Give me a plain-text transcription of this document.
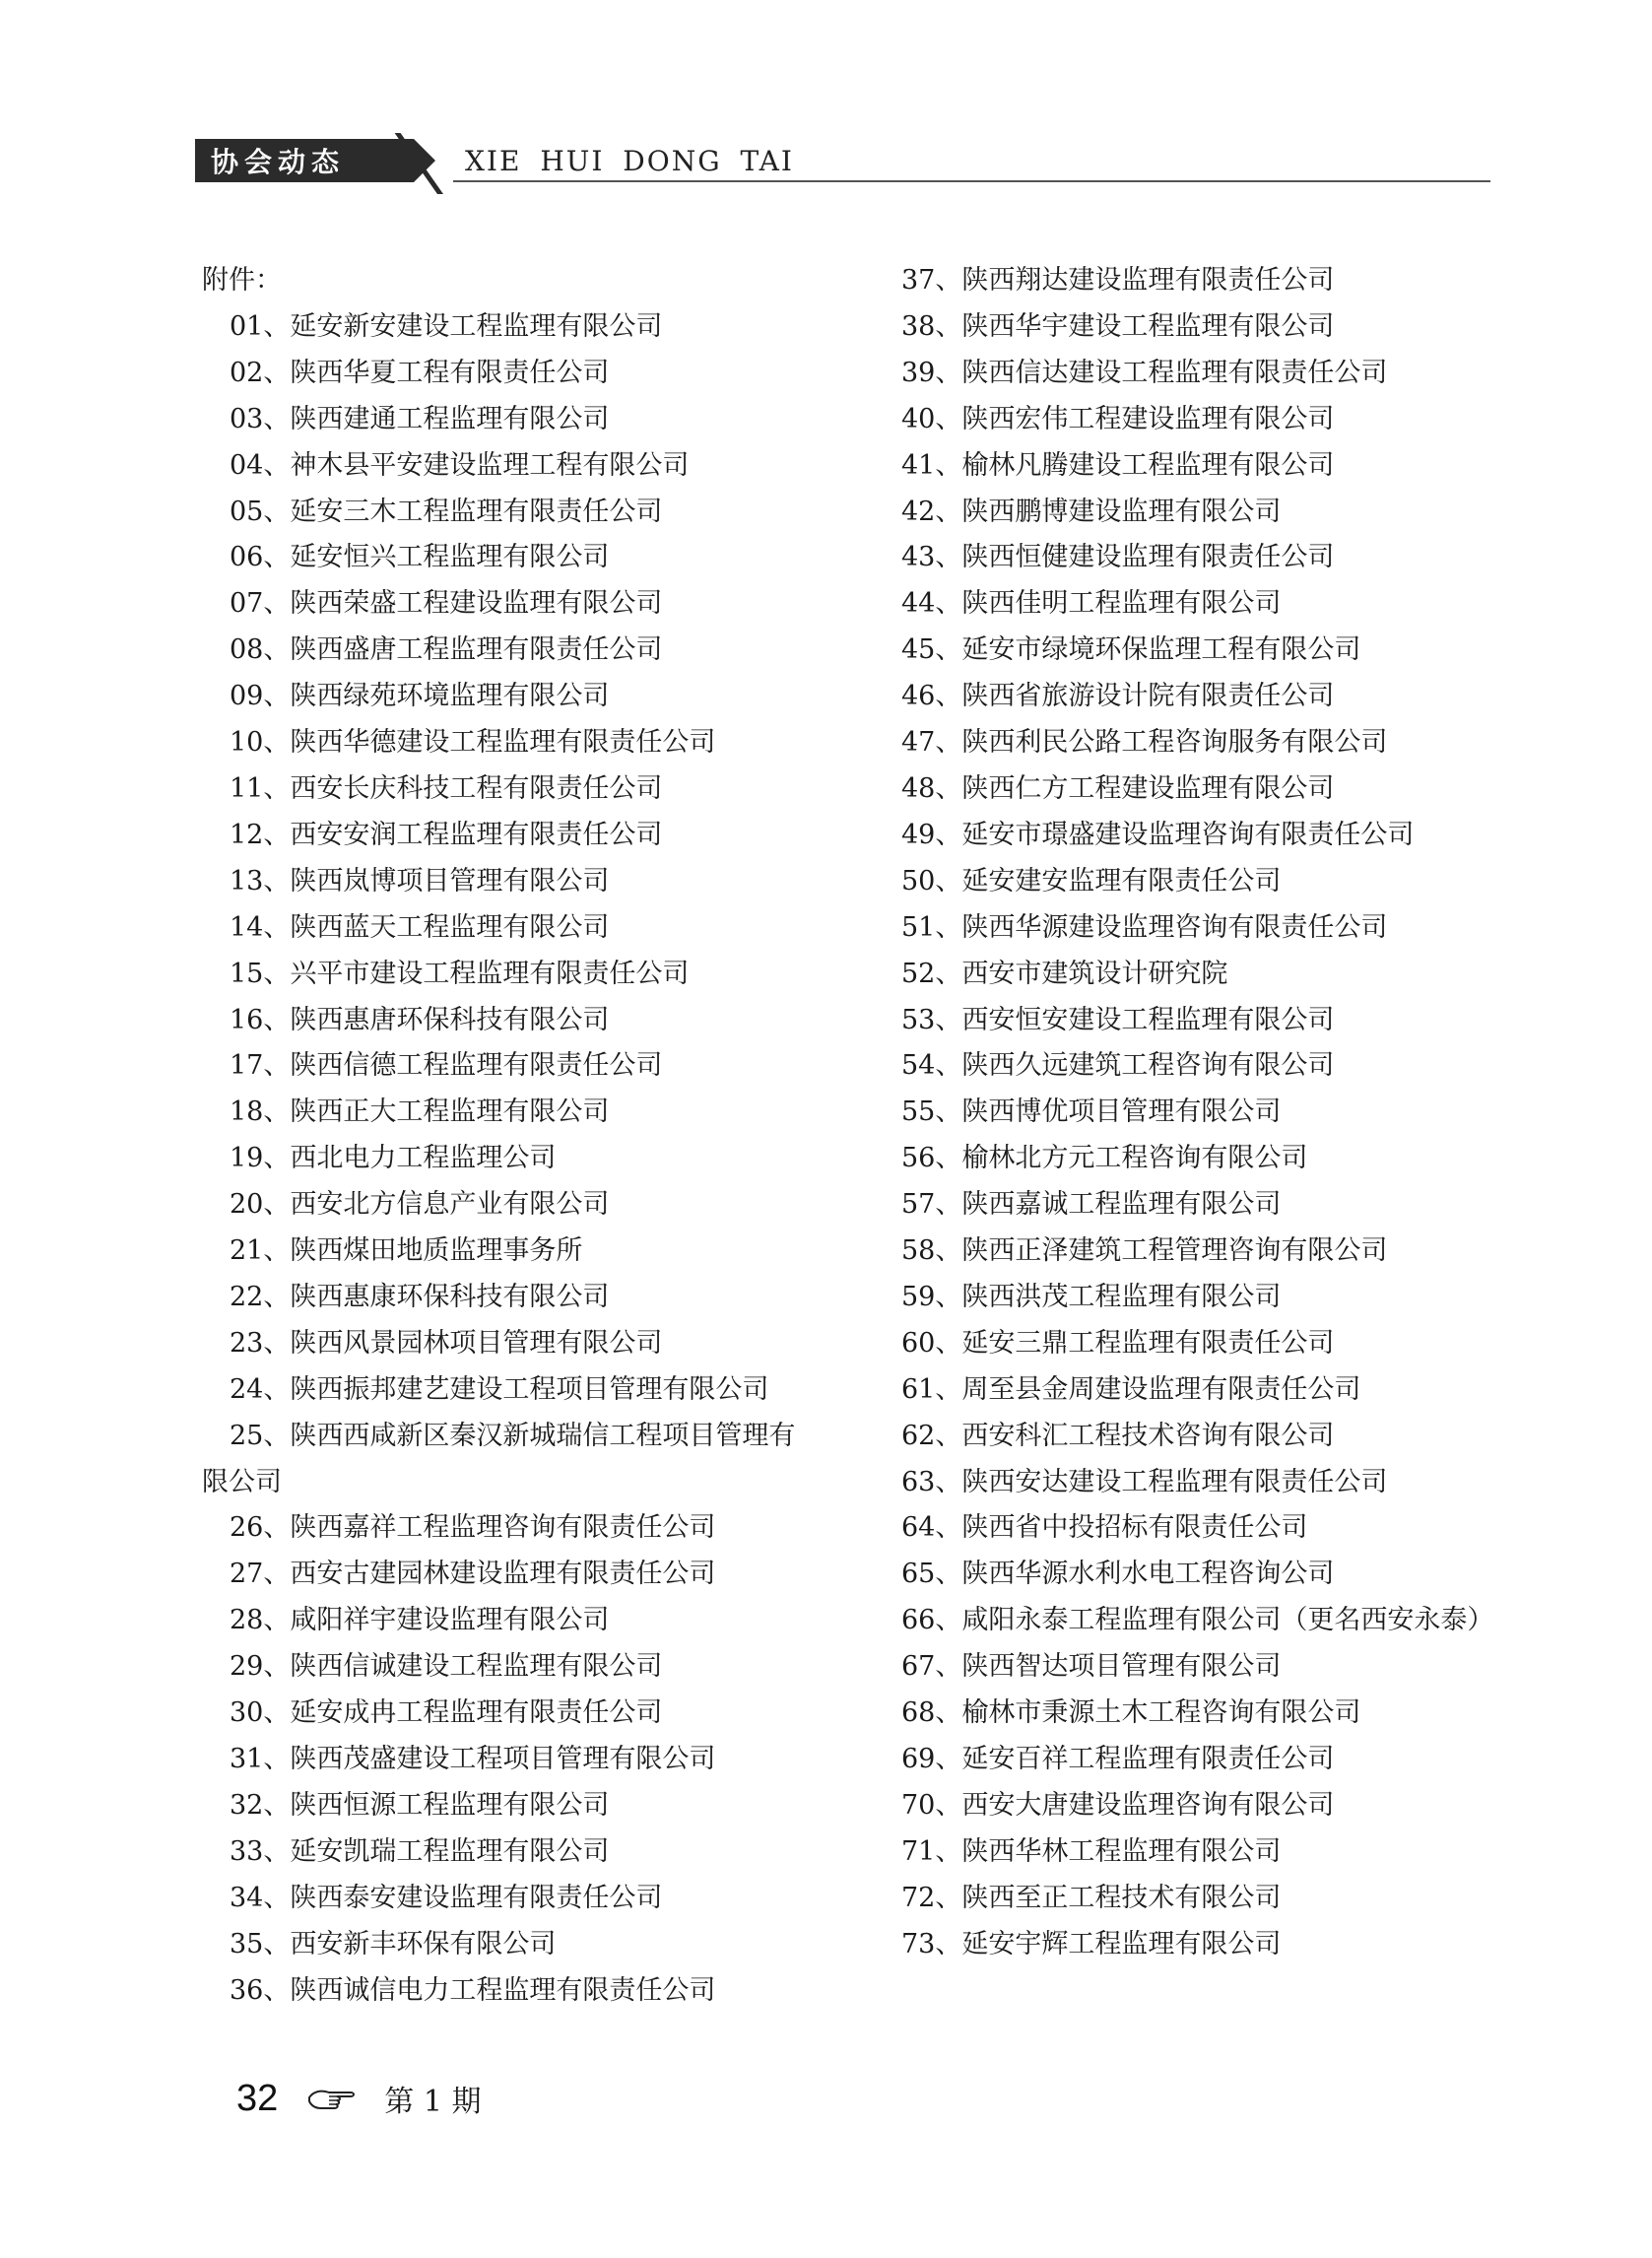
协会动态	XIE HUI DONG TAI
附件：
01、延安新安建设工程监理有限公司
02、陕西华夏工程有限责任公司
03、陕西建通工程监理有限公司
04、神木县平安建设监理工程有限公司
05、延安三木工程监理有限责任公司
06、延安恒兴工程监理有限公司
07、陕西荣盛工程建设监理有限公司
08、陕西盛唐工程监理有限责任公司
09、陕西绿苑环境监理有限公司
10、陕西华德建设工程监理有限责任公司
11、西安长庆科技工程有限责任公司
12、西安安润工程监理有限责任公司
13、陕西岚博项目管理有限公司
14、陕西蓝天工程监理有限公司
15、兴平市建设工程监理有限责任公司
16、陕西惠唐环保科技有限公司
17、陕西信德工程监理有限责任公司
18、陕西正大工程监理有限公司
19、西北电力工程监理公司
20、西安北方信息产业有限公司
21、陕西煤田地质监理事务所
22、陕西惠康环保科技有限公司
23、陕西风景园林项目管理有限公司
24、陕西振邦建艺建设工程项目管理有限公司
25、陕西西咸新区秦汉新城瑞信工程项目管理有限公司
26、陕西嘉祥工程监理咨询有限责任公司
27、西安古建园林建设监理有限责任公司
28、咸阳祥宇建设监理有限公司
29、陕西信诚建设工程监理有限公司
30、延安成冉工程监理有限责任公司
31、陕西茂盛建设工程项目管理有限公司
32、陕西恒源工程监理有限公司
33、延安凯瑞工程监理有限公司
34、陕西泰安建设监理有限责任公司
35、西安新丰环保有限公司
36、陕西诚信电力工程监理有限责任公司
37、陕西翔达建设监理有限责任公司
38、陕西华宇建设工程监理有限公司
39、陕西信达建设工程监理有限责任公司
40、陕西宏伟工程建设监理有限公司
41、榆林凡腾建设工程监理有限公司
42、陕西鹏博建设监理有限公司
43、陕西恒健建设监理有限责任公司
44、陕西佳明工程监理有限公司
45、延安市绿境环保监理工程有限公司
46、陕西省旅游设计院有限责任公司
47、陕西利民公路工程咨询服务有限公司
48、陕西仁方工程建设监理有限公司
49、延安市璟盛建设监理咨询有限责任公司
50、延安建安监理有限责任公司
51、陕西华源建设监理咨询有限责任公司
52、西安市建筑设计研究院
53、西安恒安建设工程监理有限公司
54、陕西久远建筑工程咨询有限公司
55、陕西博优项目管理有限公司
56、榆林北方元工程咨询有限公司
57、陕西嘉诚工程监理有限公司
58、陕西正泽建筑工程管理咨询有限公司
59、陕西洪茂工程监理有限公司
60、延安三鼎工程监理有限责任公司
61、周至县金周建设监理有限责任公司
62、西安科汇工程技术咨询有限公司
63、陕西安达建设工程监理有限责任公司
64、陕西省中投招标有限责任公司
65、陕西华源水利水电工程咨询公司
66、咸阳永泰工程监理有限公司（更名西安永泰）
67、陕西智达项目管理有限公司
68、榆林市秉源土木工程咨询有限公司
69、延安百祥工程监理有限责任公司
70、西安大唐建设监理咨询有限公司
71、陕西华林工程监理有限公司
72、陕西至正工程技术有限公司
73、延安宇辉工程监理有限公司
32	第 1 期
